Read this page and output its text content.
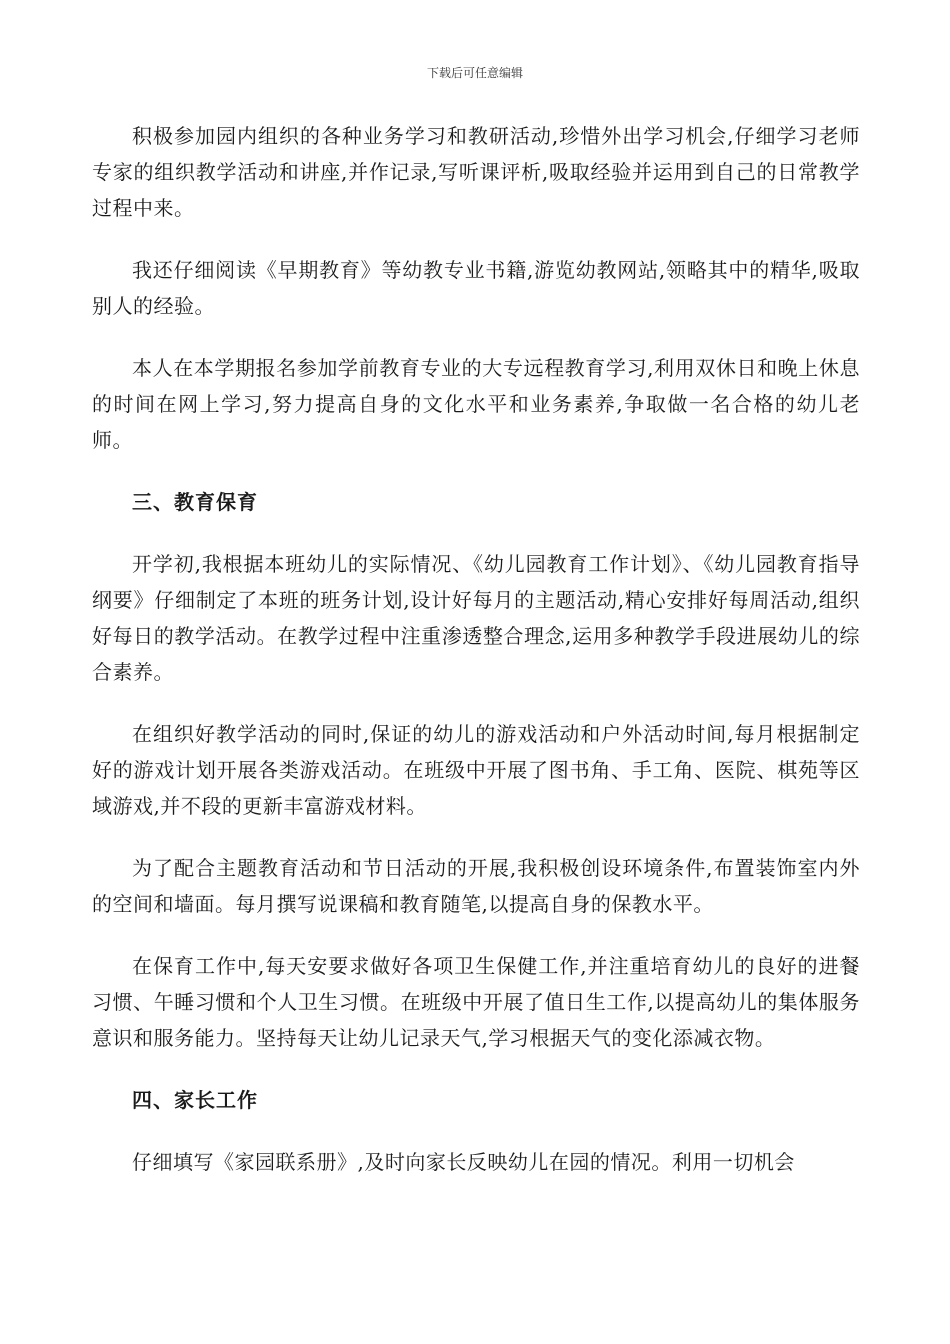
下载后可任意编辑

积极参加园内组织的各种业务学习和教研活动,珍惜外出学习机会,仔细学习老师专家的组织教学活动和讲座,并作记录,写听课评析,吸取经验并运用到自己的日常教学过程中来。

我还仔细阅读《早期教育》等幼教专业书籍,游览幼教网站,领略其中的精华,吸取别人的经验。

本人在本学期报名参加学前教育专业的大专远程教育学习,利用双休日和晚上休息的时间在网上学习,努力提高自身的文化水平和业务素养,争取做一名合格的幼儿老师。

三、教育保育

开学初,我根据本班幼儿的实际情况、《幼儿园教育工作计划》、《幼儿园教育指导纲要》仔细制定了本班的班务计划,设计好每月的主题活动,精心安排好每周活动,组织好每日的教学活动。在教学过程中注重渗透整合理念,运用多种教学手段进展幼儿的综合素养。

在组织好教学活动的同时,保证的幼儿的游戏活动和户外活动时间,每月根据制定好的游戏计划开展各类游戏活动。在班级中开展了图书角、手工角、医院、棋苑等区域游戏,并不段的更新丰富游戏材料。

为了配合主题教育活动和节日活动的开展,我积极创设环境条件,布置装饰室内外的空间和墙面。每月撰写说课稿和教育随笔,以提高自身的保教水平。

在保育工作中,每天安要求做好各项卫生保健工作,并注重培育幼儿的良好的进餐习惯、午睡习惯和个人卫生习惯。在班级中开展了值日生工作,以提高幼儿的集体服务意识和服务能力。坚持每天让幼儿记录天气,学习根据天气的变化添减衣物。

四、家长工作

仔细填写《家园联系册》,及时向家长反映幼儿在园的情况。利用一切机会
